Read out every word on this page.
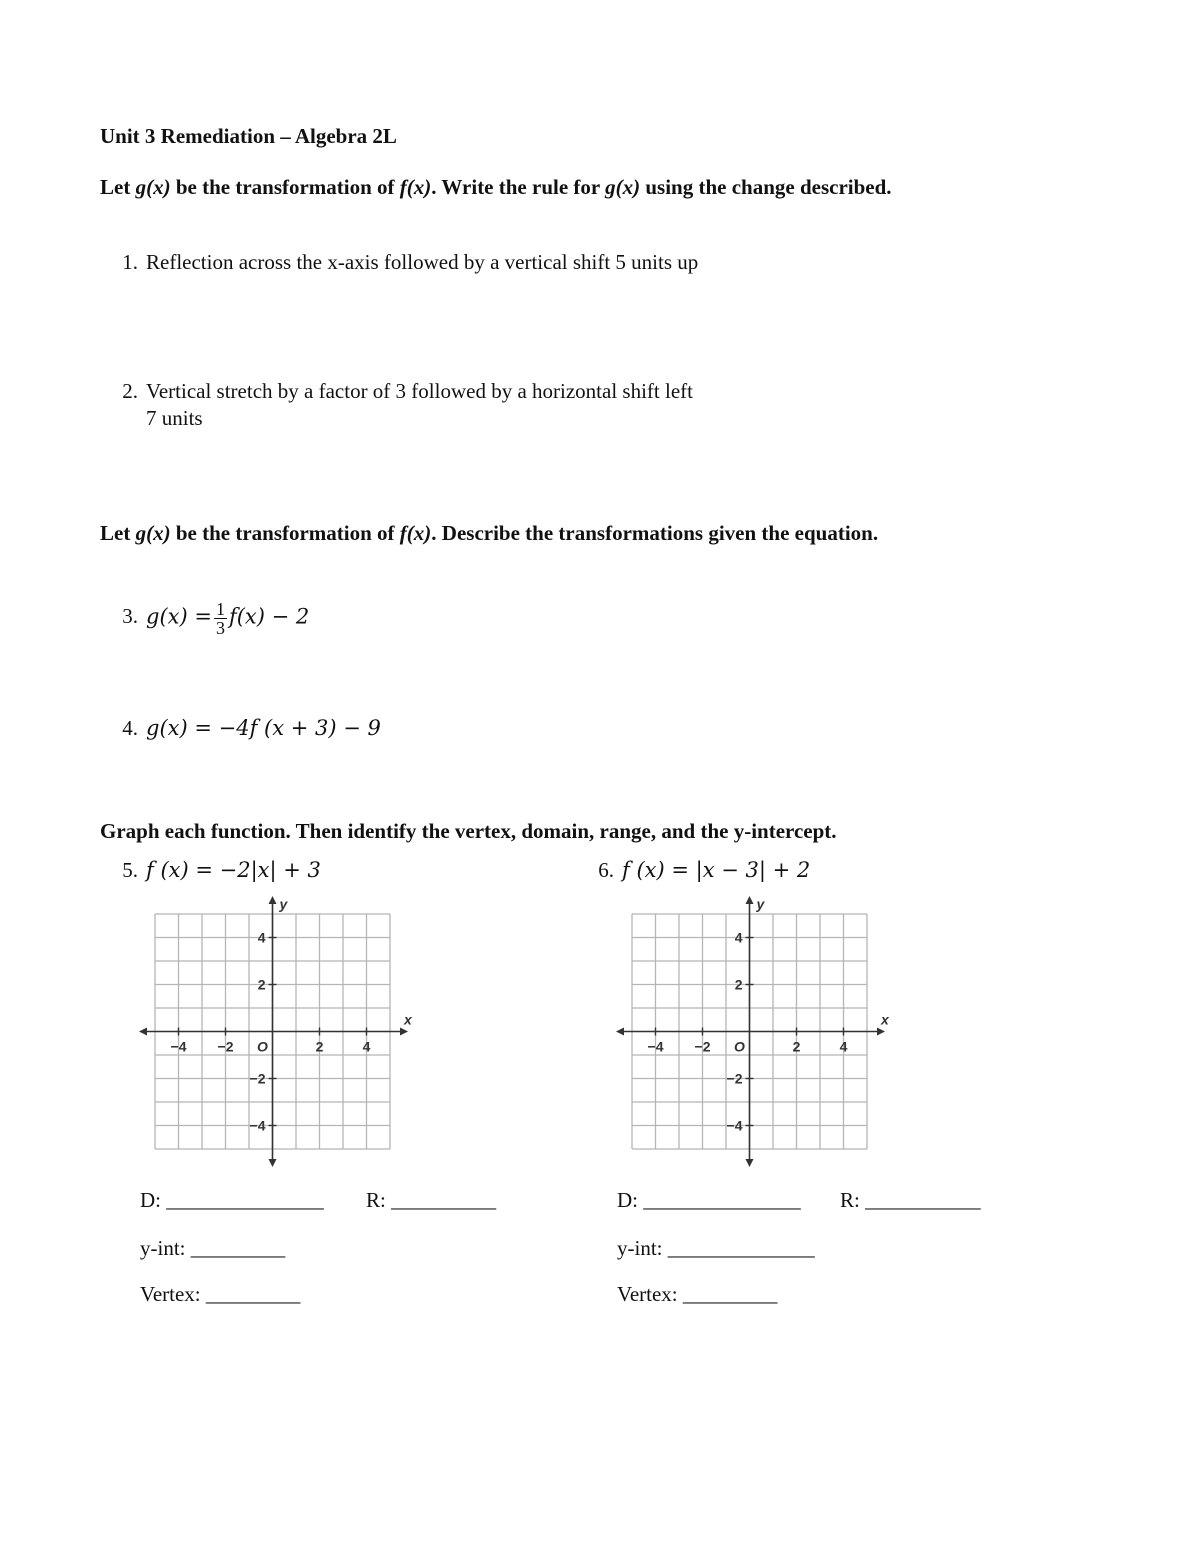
Unit 3 Remediation – Algebra 2L
Let g(x) be the transformation of f(x). Write the rule for g(x) using the change described.
1. Reflection across the x-axis followed by a vertical shift 5 units up
2. Vertical stretch by a factor of 3 followed by a horizontal shift left
7 units
Let g(x) be the transformation of f(x). Describe the transformations given the equation.
3. $g(x) = \frac{1}{3} f(x) - 2$
4. g(x) = −4f (x + 3) − 9
Graph each function. Then identify the vertex, domain, range, and the y-intercept.
5. f (x) = −2|x| + 3	6. f (x) = |x − 3| + 2
−4 −2	2	4
4
2
−2
−4
O
x
y
−4 −2	2	4
4
2
−2
−4
O
x
y
D: _______________ R: __________
y-int: _________
Vertex: _________
D: _______________ R: ___________
y-int: ______________
Vertex: _________
